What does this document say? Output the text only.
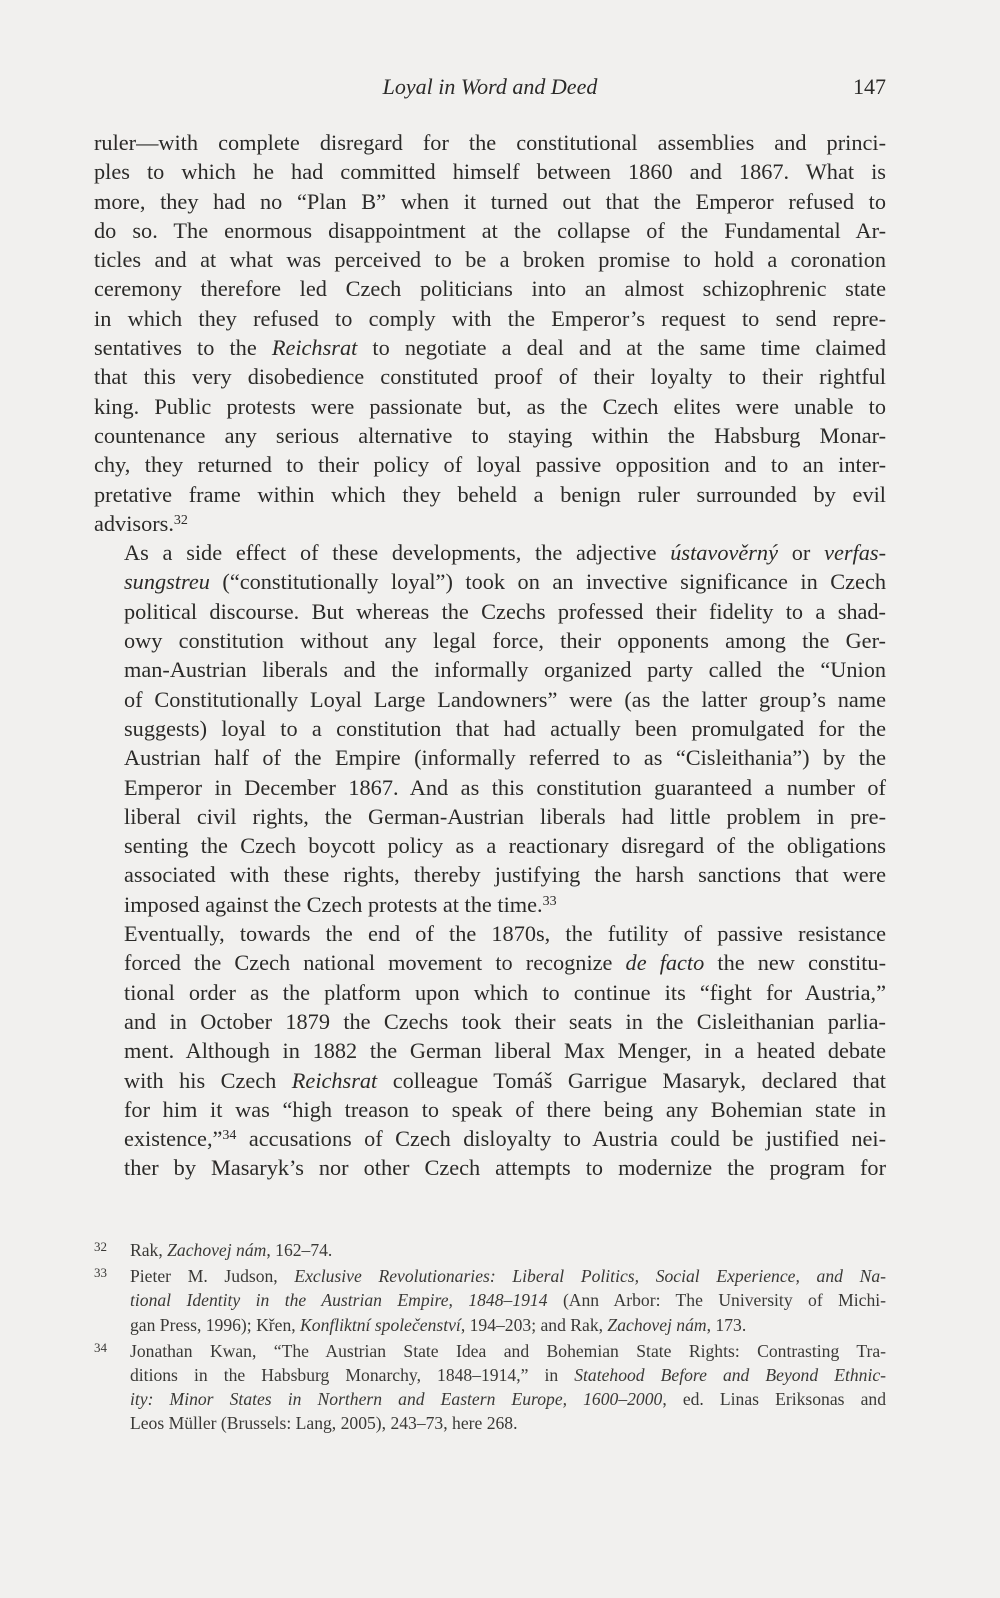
Loyal in Word and Deed	147

ruler—with complete disregard for the constitutional assemblies and princi-
ples to which he had committed himself between 1860 and 1867. What is
more, they had no “Plan B” when it turned out that the Emperor refused to
do so. The enormous disappointment at the collapse of the Fundamental Ar-
ticles and at what was perceived to be a broken promise to hold a coronation
ceremony therefore led Czech politicians into an almost schizophrenic state
in which they refused to comply with the Emperor’s request to send repre-
sentatives to the Reichsrat to negotiate a deal and at the same time claimed
that this very disobedience constituted proof of their loyalty to their rightful
king. Public protests were passionate but, as the Czech elites were unable to
countenance any serious alternative to staying within the Habsburg Monar-
chy, they returned to their policy of loyal passive opposition and to an inter-
pretative frame within which they beheld a benign ruler surrounded by evil
advisors.$^{32}$

As a side effect of these developments, the adjective ústavověrný or verfas-
sungstreu (“constitutionally loyal”) took on an invective significance in Czech
political discourse. But whereas the Czechs professed their fidelity to a shad-
owy constitution without any legal force, their opponents among the Ger-
man-Austrian liberals and the informally organized party called the “Union
of Constitutionally Loyal Large Landowners” were (as the latter group’s name
suggests) loyal to a constitution that had actually been promulgated for the
Austrian half of the Empire (informally referred to as “Cisleithania”) by the
Emperor in December 1867. And as this constitution guaranteed a number of
liberal civil rights, the German-Austrian liberals had little problem in pre-
senting the Czech boycott policy as a reactionary disregard of the obligations
associated with these rights, thereby justifying the harsh sanctions that were
imposed against the Czech protests at the time.$^{33}$

Eventually, towards the end of the 1870s, the futility of passive resistance
forced the Czech national movement to recognize de facto the new constitu-
tional order as the platform upon which to continue its “fight for Austria,”
and in October 1879 the Czechs took their seats in the Cisleithanian parlia-
ment. Although in 1882 the German liberal Max Menger, in a heated debate
with his Czech Reichsrat colleague Tomáš Garrigue Masaryk, declared that
for him it was “high treason to speak of there being any Bohemian state in
existence,”$^{34}$ accusations of Czech disloyalty to Austria could be justified nei-
ther by Masaryk’s nor other Czech attempts to modernize the program for

32 Rak, Zachovej nám, 162–74.
33 Pieter M. Judson, Exclusive Revolutionaries: Liberal Politics, Social Experience, and Na-
tional Identity in the Austrian Empire, 1848–1914 (Ann Arbor: The University of Michi-
gan Press, 1996); Křen, Konfliktní společenství, 194–203; and Rak, Zachovej nám, 173.
34 Jonathan Kwan, “The Austrian State Idea and Bohemian State Rights: Contrasting Tra-
ditions in the Habsburg Monarchy, 1848–1914,” in Statehood Before and Beyond Ethnic-
ity: Minor States in Northern and Eastern Europe, 1600–2000, ed. Linas Eriksonas and
Leos Müller (Brussels: Lang, 2005), 243–73, here 268.
